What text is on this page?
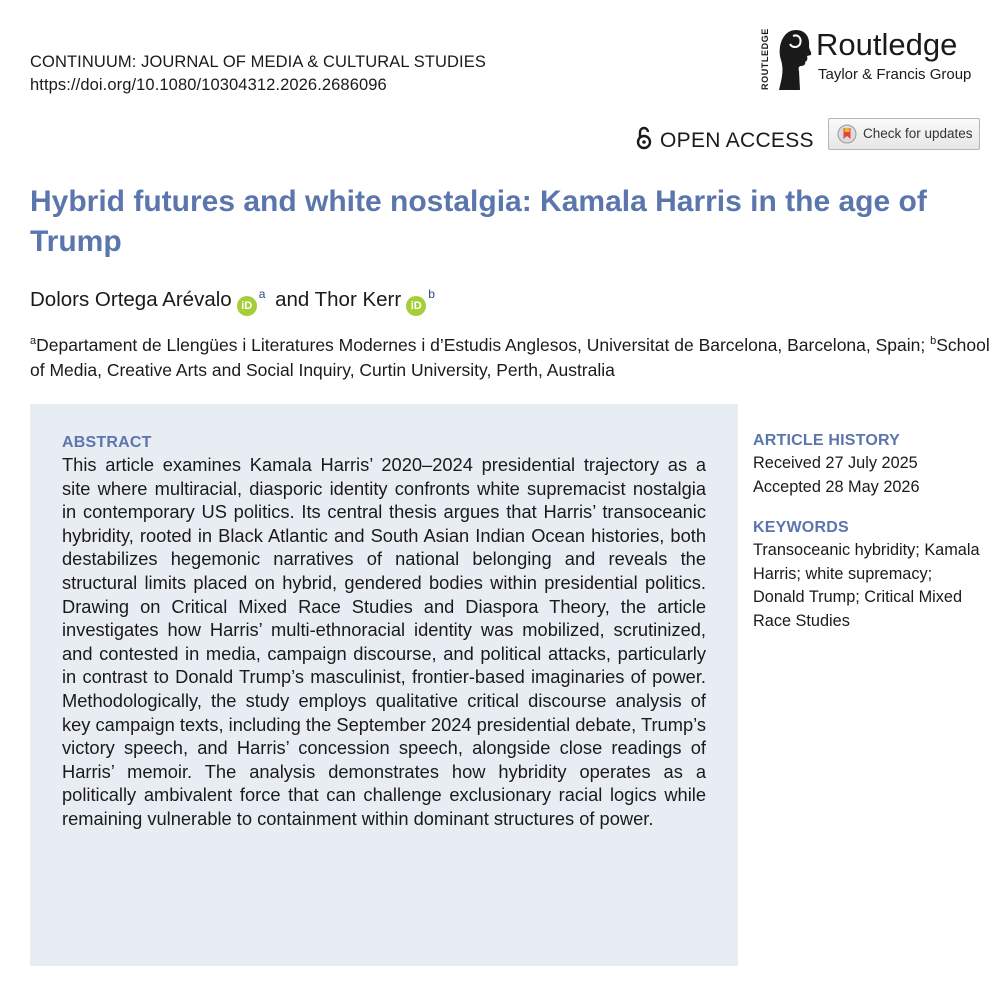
CONTINUUM: JOURNAL OF MEDIA & CULTURAL STUDIES
https://doi.org/10.1080/10304312.2026.2686096	ROUTLEDGE Routledge
Taylor & Francis Group
OPEN ACCESS	Check for updates
Hybrid futures and white nostalgia: Kamala Harris in the age of Trump
Dolors Ortega Arévalo iD$^a$ and Thor Kerr iD$^b$
$^a$Departament de Llengües i Literatures Modernes i d’Estudis Anglesos, Universitat de Barcelona, Barcelona, Spain; $^b$School of Media, Creative Arts and Social Inquiry, Curtin University, Perth, Australia
ABSTRACT
This article examines Kamala Harris’ 2020–2024 presidential trajectory as a site where multiracial, diasporic identity confronts white supremacist nostalgia in contemporary US politics. Its central thesis argues that Harris’ transoceanic hybridity, rooted in Black Atlantic and South Asian Indian Ocean histories, both destabilizes hegemonic narratives of national belonging and reveals the structural limits placed on hybrid, gendered bodies within presidential politics. Drawing on Critical Mixed Race Studies and Diaspora Theory, the article investigates how Harris’ multi-ethnoracial identity was mobilized, scrutinized, and contested in media, campaign discourse, and political attacks, particularly in contrast to Donald Trump’s masculinist, frontier-based imaginaries of power. Methodologically, the study employs qualitative critical discourse analysis of key campaign texts, including the September 2024 presidential debate, Trump’s victory speech, and Harris’ concession speech, alongside close readings of Harris’ memoir. The analysis demonstrates how hybridity operates as a politically ambivalent force that can challenge exclusionary racial logics while remaining vulnerable to containment within dominant structures of power.
ARTICLE HISTORY
Received 27 July 2025
Accepted 28 May 2026
KEYWORDS
Transoceanic hybridity; Kamala Harris; white supremacy; Donald Trump; Critical Mixed Race Studies
